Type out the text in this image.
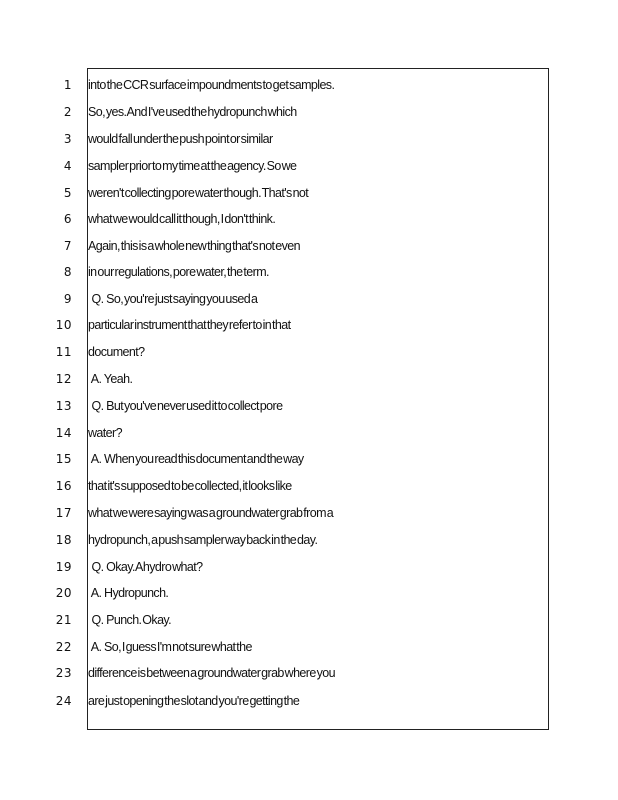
1 into the CCR surface impoundments to get samples.
2 So, yes. And I've used the hydropunch which
3 would fall under the push point or similar
4 sampler prior to my time at the agency. So we
5 weren't collecting pore water though. That's not
6 what we would call it though, I don't think.
7 Again, this is a whole new thing that's not even
8 in our regulations, pore water, the term.
9 Q.   So, you're just saying you used a
10 particular instrument that they refer to in that
11 document?
12 A.   Yeah.
13 Q.   But you've never used it to collect pore
14 water?
15 A.   When you read this document and the way
16 that it's supposed to be collected, it looks like
17 what we were saying was a groundwater grab from a
18 hydropunch, a push sampler way back in the day.
19 Q.   Okay. A hydro what?
20 A.   Hydropunch.
21 Q.   Punch. Okay.
22 A.   So, I guess I'm not sure what the
23 difference is between a groundwater grab where you
24 are just opening the slot and you're getting the
